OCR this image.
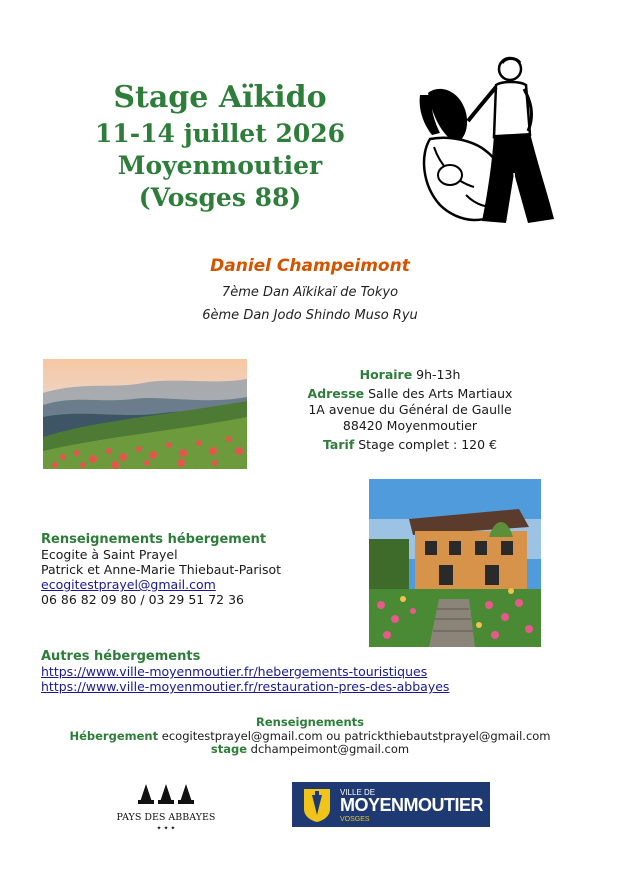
Stage Aïkido
11-14 juillet 2026
Moyenmoutier
(Vosges 88)
Daniel Champeimont
7ème Dan Aïkikaï de Tokyo
6ème Dan Jodo Shindo Muso Ryu
Horaire 9h-13h
Adresse Salle des Arts Martiaux
1A avenue du Général de Gaulle
88420 Moyenmoutier
Tarif Stage complet : 120 €
Renseignements hébergement
Ecogite à Saint Prayel
Patrick et Anne-Marie Thiebaut-Parisot
ecogitestprayel@gmail.com
06 86 82 09 80 / 03 29 51 72 36
Autres hébergements
https://www.ville-moyenmoutier.fr/hebergements-touristiques
https://www.ville-moyenmoutier.fr/restauration-pres-des-abbayes
Renseignements
Hébergement ecogitestprayel@gmail.com ou patrickthiebautstprayel@gmail.com
stage dchampeimont@gmail.com
PAYS DES ABBAYES
✦ ✦ ✦
VILLE DE
MOYENMOUTIER
VOSGES
